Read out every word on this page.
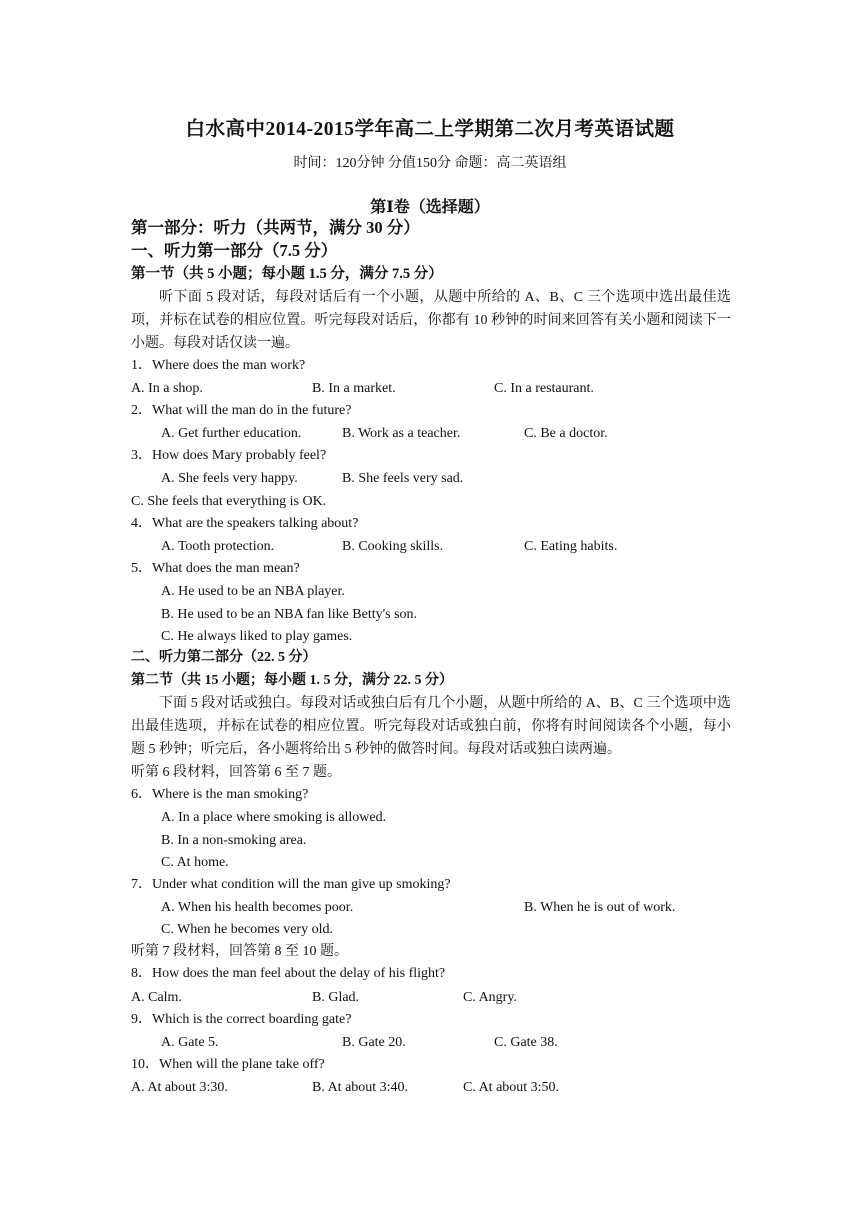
白水高中2014-2015学年高二上学期第二次月考英语试题
时间：120分钟 分值150分 命题：高二英语组
第Ⅰ卷（选择题）
第一部分：听力（共两节，满分 30 分）
一、听力第一部分（7.5 分）
第一节（共 5 小题；每小题 1.5 分，满分 7.5 分）
听下面 5 段对话，每段对话后有一个小题，从题中所给的 A、B、C 三个选项中选出最佳选项，并标在试卷的相应位置。听完每段对话后，你都有 10 秒钟的时间来回答有关小题和阅读下一小题。每段对话仅读一遍。
1．Where does the man work?
A. In a shop.	B. In a market.	C. In a restaurant.
2．What will the man do in the future?
A. Get further education.	B. Work as a teacher.	C. Be a doctor.
3．How does Mary probably feel?
A. She feels very happy.	B. She feels very sad.
C. She feels that everything is OK.
4．What are the speakers talking about?
A. Tooth protection.	B. Cooking skills.	C. Eating habits.
5．What does the man mean?
A. He used to be an NBA player.
B. He used to be an NBA fan like Betty's son.
C. He always liked to play games.
二、听力第二部分（22. 5 分）
第二节（共 15 小题；每小题 1. 5 分，满分 22. 5 分）
下面 5 段对话或独白。每段对话或独白后有几个小题，从题中所给的 A、B、C 三个选项中选出最佳选项，并标在试卷的相应位置。听完每段对话或独白前，你将有时间阅读各个小题，每小题 5 秒钟；听完后，各小题将给出 5 秒钟的做答时间。每段对话或独白读两遍。
听第 6 段材料，回答第 6 至 7 题。
6．Where is the man smoking?
A. In a place where smoking is allowed.
B. In a non-smoking area.
C. At home.
7．Under what condition will the man give up smoking?
A. When his health becomes poor.	B. When he is out of work.
C. When he becomes very old.
听第 7 段材料，回答第 8 至 10 题。
8．How does the man feel about the delay of his flight?
A. Calm.	B. Glad.	C. Angry.
9．Which is the correct boarding gate?
A. Gate 5.	B. Gate 20.	C. Gate 38.
10．When will the plane take off?
A. At about 3:30.	B. At about 3:40.	C. At about 3:50.
